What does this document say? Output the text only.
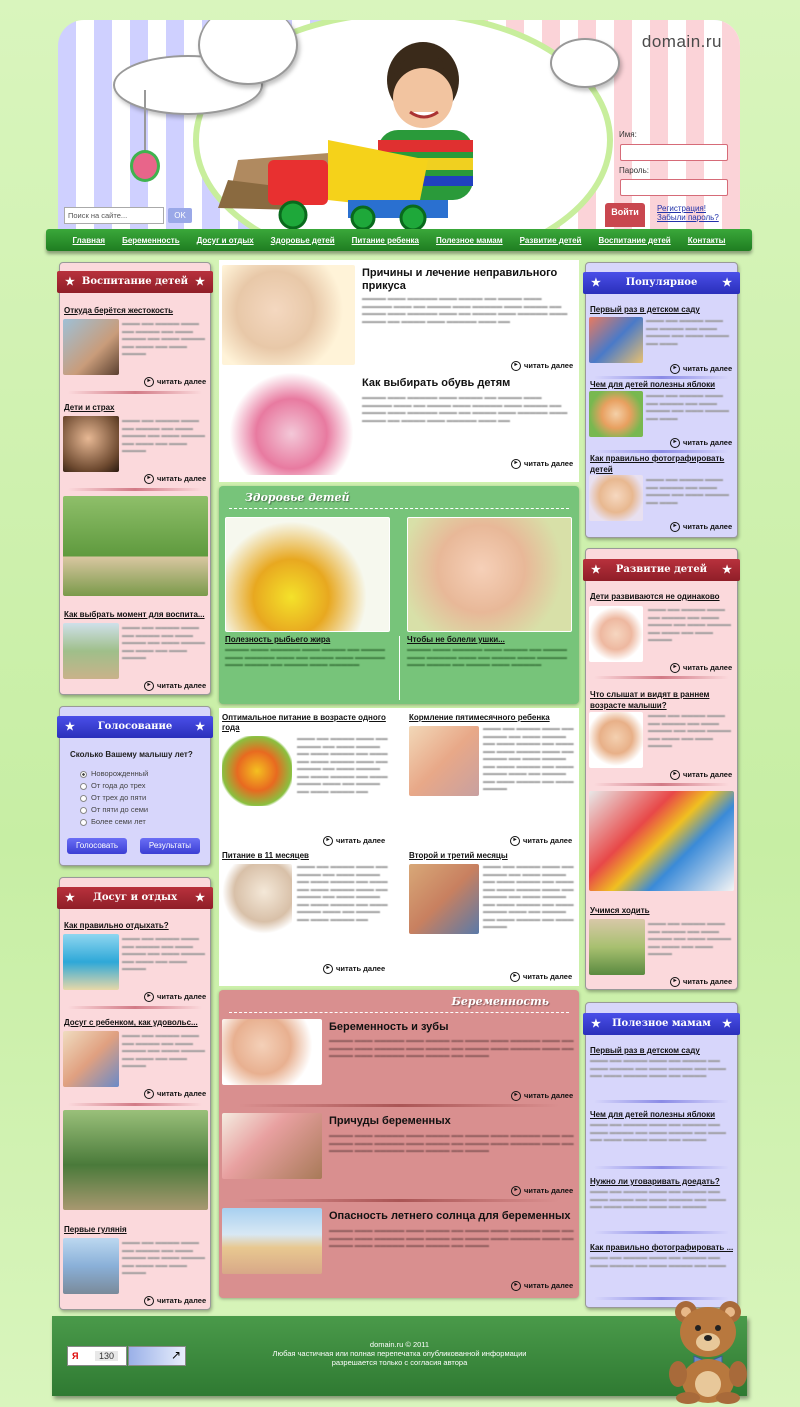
domain.ru
Имя:
Пароль:
Войти	Регистрация!
Забыли пароль?
Поиск на сайте...	OK
Главная Беременность Досуг и отдых Здоровье детей Питание ребенка Полезное мамам Развитие детей Воспитание детей Контакты
★ Воспитание детей ★
Откуда берётся жестокость
▬▬▬ ▬▬ ▬▬▬▬ ▬▬▬ ▬▬ ▬▬▬▬ ▬▬ ▬▬▬ ▬▬▬▬ ▬▬ ▬▬▬ ▬▬▬▬ ▬▬ ▬▬▬ ▬▬ ▬▬▬ ▬▬▬▬
▸ читать далее
Дети и страх
▬▬▬ ▬▬ ▬▬▬▬ ▬▬▬ ▬▬ ▬▬▬▬ ▬▬ ▬▬▬ ▬▬▬▬ ▬▬ ▬▬▬ ▬▬▬▬ ▬▬ ▬▬▬ ▬▬ ▬▬▬ ▬▬▬▬
▸ читать далее
Как выбрать момент для воспита...
▬▬▬ ▬▬ ▬▬▬▬ ▬▬▬ ▬▬ ▬▬▬▬ ▬▬ ▬▬▬ ▬▬▬▬ ▬▬ ▬▬▬ ▬▬▬▬ ▬▬ ▬▬▬ ▬▬ ▬▬▬ ▬▬▬▬
▸ читать далее
★ Голосование ★
Сколько Вашему малышу лет?
Новорожденный
От года до трех
От трех до пяти
От пяти до семи
Более семи лет
Голосовать	Результаты
★ Досуг и отдых ★
Как правильно отдыхать?
▬▬▬ ▬▬ ▬▬▬▬ ▬▬▬ ▬▬ ▬▬▬▬ ▬▬ ▬▬▬ ▬▬▬▬ ▬▬ ▬▬▬ ▬▬▬▬ ▬▬ ▬▬▬ ▬▬ ▬▬▬ ▬▬▬▬
▸ читать далее
Досуг с ребенком, как удовольс...
▬▬▬ ▬▬ ▬▬▬▬ ▬▬▬ ▬▬ ▬▬▬▬ ▬▬ ▬▬▬ ▬▬▬▬ ▬▬ ▬▬▬ ▬▬▬▬ ▬▬ ▬▬▬ ▬▬ ▬▬▬ ▬▬▬▬
▸ читать далее
Первые гулянія
▬▬▬ ▬▬ ▬▬▬▬ ▬▬▬ ▬▬ ▬▬▬▬ ▬▬ ▬▬▬ ▬▬▬▬ ▬▬ ▬▬▬ ▬▬▬▬ ▬▬ ▬▬▬ ▬▬ ▬▬▬ ▬▬▬▬
▸ читать далее
Причины и лечение неправильного прикуса
▬▬▬▬ ▬▬▬ ▬▬▬▬▬ ▬▬▬ ▬▬▬▬ ▬▬ ▬▬▬▬ ▬▬▬ ▬▬▬▬▬ ▬▬▬ ▬▬ ▬▬▬▬ ▬▬▬ ▬▬▬▬▬ ▬▬▬ ▬▬▬▬ ▬▬ ▬▬▬▬ ▬▬▬ ▬▬▬▬▬ ▬▬▬ ▬▬ ▬▬▬▬ ▬▬▬ ▬▬▬▬▬ ▬▬▬ ▬▬▬▬ ▬▬ ▬▬▬▬ ▬▬▬ ▬▬▬▬▬ ▬▬▬ ▬▬
▸ читать далее
Как выбирать обувь детям
▬▬▬▬ ▬▬▬ ▬▬▬▬▬ ▬▬▬ ▬▬▬▬ ▬▬ ▬▬▬▬ ▬▬▬ ▬▬▬▬▬ ▬▬▬ ▬▬ ▬▬▬▬ ▬▬▬ ▬▬▬▬▬ ▬▬▬ ▬▬▬▬ ▬▬ ▬▬▬▬ ▬▬▬ ▬▬▬▬▬ ▬▬▬ ▬▬ ▬▬▬▬ ▬▬▬ ▬▬▬▬▬ ▬▬▬ ▬▬▬▬ ▬▬ ▬▬▬▬ ▬▬▬ ▬▬▬▬▬ ▬▬▬ ▬▬
▸ читать далее
Здоровье детей
Полезность рыбьего жира	Чтобы не болели ушки...
▬▬▬▬ ▬▬▬ ▬▬▬▬▬ ▬▬▬ ▬▬▬▬ ▬▬ ▬▬▬▬ ▬▬▬ ▬▬▬▬▬ ▬▬▬ ▬▬ ▬▬▬▬ ▬▬▬ ▬▬▬▬▬ ▬▬▬ ▬▬▬▬ ▬▬ ▬▬▬▬ ▬▬▬ ▬▬▬▬▬
▬▬▬▬ ▬▬▬ ▬▬▬▬▬ ▬▬▬ ▬▬▬▬ ▬▬ ▬▬▬▬ ▬▬▬ ▬▬▬▬▬ ▬▬▬ ▬▬ ▬▬▬▬ ▬▬▬ ▬▬▬▬▬ ▬▬▬ ▬▬▬▬ ▬▬ ▬▬▬▬ ▬▬▬ ▬▬▬▬▬
Оптимальное питание в возрасте одного года
▬▬▬ ▬▬ ▬▬▬▬ ▬▬▬ ▬▬ ▬▬▬▬ ▬▬ ▬▬▬ ▬▬▬▬ ▬▬ ▬▬▬ ▬▬▬▬ ▬▬ ▬▬▬ ▬▬ ▬▬▬ ▬▬▬▬ ▬▬▬ ▬▬ ▬▬▬▬ ▬▬ ▬▬▬ ▬▬▬▬ ▬▬ ▬▬▬ ▬▬▬▬ ▬▬ ▬▬▬ ▬▬▬▬ ▬▬▬ ▬▬ ▬▬▬▬ ▬▬ ▬▬▬ ▬▬▬▬ ▬▬
▸ читать далее
Кормление пятимесячного ребенка
▬▬▬ ▬▬ ▬▬▬▬ ▬▬▬ ▬▬ ▬▬▬▬ ▬▬ ▬▬▬ ▬▬▬▬ ▬▬ ▬▬▬ ▬▬▬▬ ▬▬ ▬▬▬ ▬▬ ▬▬▬ ▬▬▬▬ ▬▬▬ ▬▬ ▬▬▬▬ ▬▬ ▬▬▬ ▬▬▬▬ ▬▬ ▬▬▬ ▬▬▬▬ ▬▬ ▬▬▬ ▬▬▬▬ ▬▬▬ ▬▬ ▬▬▬▬ ▬▬ ▬▬▬ ▬▬▬▬ ▬▬ ▬▬▬ ▬▬▬▬
▸ читать далее
Питание в 11 месяцев
▬▬▬ ▬▬ ▬▬▬▬ ▬▬▬ ▬▬ ▬▬▬▬ ▬▬ ▬▬▬ ▬▬▬▬ ▬▬ ▬▬▬ ▬▬▬▬ ▬▬ ▬▬▬ ▬▬ ▬▬▬ ▬▬▬▬ ▬▬▬ ▬▬ ▬▬▬▬ ▬▬ ▬▬▬ ▬▬▬▬ ▬▬ ▬▬▬ ▬▬▬▬ ▬▬ ▬▬▬ ▬▬▬▬ ▬▬▬ ▬▬ ▬▬▬▬ ▬▬ ▬▬▬ ▬▬▬▬ ▬▬
▸ читать далее
Второй и третий месяцы
▬▬▬ ▬▬ ▬▬▬▬ ▬▬▬ ▬▬ ▬▬▬▬ ▬▬ ▬▬▬ ▬▬▬▬ ▬▬ ▬▬▬ ▬▬▬▬ ▬▬ ▬▬▬ ▬▬ ▬▬▬ ▬▬▬▬ ▬▬▬ ▬▬ ▬▬▬▬ ▬▬ ▬▬▬ ▬▬▬▬ ▬▬ ▬▬▬ ▬▬▬▬ ▬▬ ▬▬▬ ▬▬▬▬ ▬▬▬ ▬▬ ▬▬▬▬ ▬▬ ▬▬▬ ▬▬▬▬ ▬▬ ▬▬▬ ▬▬▬▬
▸ читать далее
Беременность
Беременность и зубы
▬▬▬▬ ▬▬▬ ▬▬▬▬▬ ▬▬▬ ▬▬▬▬ ▬▬ ▬▬▬▬ ▬▬▬ ▬▬▬▬▬ ▬▬▬ ▬▬ ▬▬▬▬ ▬▬▬ ▬▬▬▬▬ ▬▬▬ ▬▬▬▬ ▬▬ ▬▬▬▬ ▬▬▬ ▬▬▬▬▬ ▬▬▬ ▬▬ ▬▬▬▬ ▬▬▬ ▬▬▬▬▬ ▬▬▬ ▬▬▬▬ ▬▬ ▬▬▬▬
▸ читать далее
Причуды беременных
▬▬▬▬ ▬▬▬ ▬▬▬▬▬ ▬▬▬ ▬▬▬▬ ▬▬ ▬▬▬▬ ▬▬▬ ▬▬▬▬▬ ▬▬▬ ▬▬ ▬▬▬▬ ▬▬▬ ▬▬▬▬▬ ▬▬▬ ▬▬▬▬ ▬▬ ▬▬▬▬ ▬▬▬ ▬▬▬▬▬ ▬▬▬ ▬▬ ▬▬▬▬ ▬▬▬ ▬▬▬▬▬ ▬▬▬ ▬▬▬▬ ▬▬ ▬▬▬▬
▸ читать далее
Опасность летнего солнца для беременных
▬▬▬▬ ▬▬▬ ▬▬▬▬▬ ▬▬▬ ▬▬▬▬ ▬▬ ▬▬▬▬ ▬▬▬ ▬▬▬▬▬ ▬▬▬ ▬▬ ▬▬▬▬ ▬▬▬ ▬▬▬▬▬ ▬▬▬ ▬▬▬▬ ▬▬ ▬▬▬▬ ▬▬▬ ▬▬▬▬▬ ▬▬▬ ▬▬ ▬▬▬▬ ▬▬▬ ▬▬▬▬▬ ▬▬▬ ▬▬▬▬ ▬▬ ▬▬▬▬
▸ читать далее
★ Популярное ★
Первый раз в детском саду
▬▬▬ ▬▬ ▬▬▬▬ ▬▬▬ ▬▬ ▬▬▬▬ ▬▬ ▬▬▬ ▬▬▬▬ ▬▬ ▬▬▬ ▬▬▬▬ ▬▬ ▬▬▬
▸ читать далее
Чем для детей полезны яблоки
▬▬▬ ▬▬ ▬▬▬▬ ▬▬▬ ▬▬ ▬▬▬▬ ▬▬ ▬▬▬ ▬▬▬▬ ▬▬ ▬▬▬ ▬▬▬▬ ▬▬ ▬▬▬
▸ читать далее
Как правильно фотографировать детей
▬▬▬ ▬▬ ▬▬▬▬ ▬▬▬ ▬▬ ▬▬▬▬ ▬▬ ▬▬▬ ▬▬▬▬ ▬▬ ▬▬▬ ▬▬▬▬ ▬▬ ▬▬▬
▸ читать далее
★ Развитие детей ★
Дети развиваются не одинаково
▬▬▬ ▬▬ ▬▬▬▬ ▬▬▬ ▬▬ ▬▬▬▬ ▬▬ ▬▬▬ ▬▬▬▬ ▬▬ ▬▬▬ ▬▬▬▬ ▬▬ ▬▬▬ ▬▬ ▬▬▬ ▬▬▬▬
▸ читать далее
Что слышат и видят в раннем возрасте малыши?
▬▬▬ ▬▬ ▬▬▬▬ ▬▬▬ ▬▬ ▬▬▬▬ ▬▬ ▬▬▬ ▬▬▬▬ ▬▬ ▬▬▬ ▬▬▬▬ ▬▬ ▬▬▬ ▬▬ ▬▬▬ ▬▬▬▬
▸ читать далее
Учимся ходить
▬▬▬ ▬▬ ▬▬▬▬ ▬▬▬ ▬▬ ▬▬▬▬ ▬▬ ▬▬▬ ▬▬▬▬ ▬▬ ▬▬▬ ▬▬▬▬ ▬▬ ▬▬▬ ▬▬ ▬▬▬ ▬▬▬▬
▸ читать далее
★ Полезное мамам ★
Первый раз в детском саду
▬▬▬ ▬▬ ▬▬▬▬ ▬▬▬ ▬▬ ▬▬▬▬ ▬▬ ▬▬▬ ▬▬▬▬ ▬▬ ▬▬▬ ▬▬▬▬ ▬▬ ▬▬▬ ▬▬ ▬▬▬ ▬▬▬▬ ▬▬▬ ▬▬ ▬▬▬▬
Чем для детей полезны яблоки
▬▬▬ ▬▬ ▬▬▬▬ ▬▬▬ ▬▬ ▬▬▬▬ ▬▬ ▬▬▬ ▬▬▬▬ ▬▬ ▬▬▬ ▬▬▬▬ ▬▬ ▬▬▬ ▬▬ ▬▬▬ ▬▬▬▬ ▬▬▬ ▬▬ ▬▬▬▬
Нужно ли уговаривать доедать?
▬▬▬ ▬▬ ▬▬▬▬ ▬▬▬ ▬▬ ▬▬▬▬ ▬▬ ▬▬▬ ▬▬▬▬ ▬▬ ▬▬▬ ▬▬▬▬ ▬▬ ▬▬▬ ▬▬ ▬▬▬ ▬▬▬▬ ▬▬▬ ▬▬ ▬▬▬▬
Как правильно фотографировать ...
▬▬▬ ▬▬ ▬▬▬▬ ▬▬▬ ▬▬ ▬▬▬▬ ▬▬ ▬▬▬ ▬▬▬▬ ▬▬ ▬▬▬ ▬▬▬▬ ▬▬ ▬▬▬
domain.ru © 2011
Любая частичная или полная перепечатка опубликованной информации
разрешается только с согласия автора
Я 130	↗
